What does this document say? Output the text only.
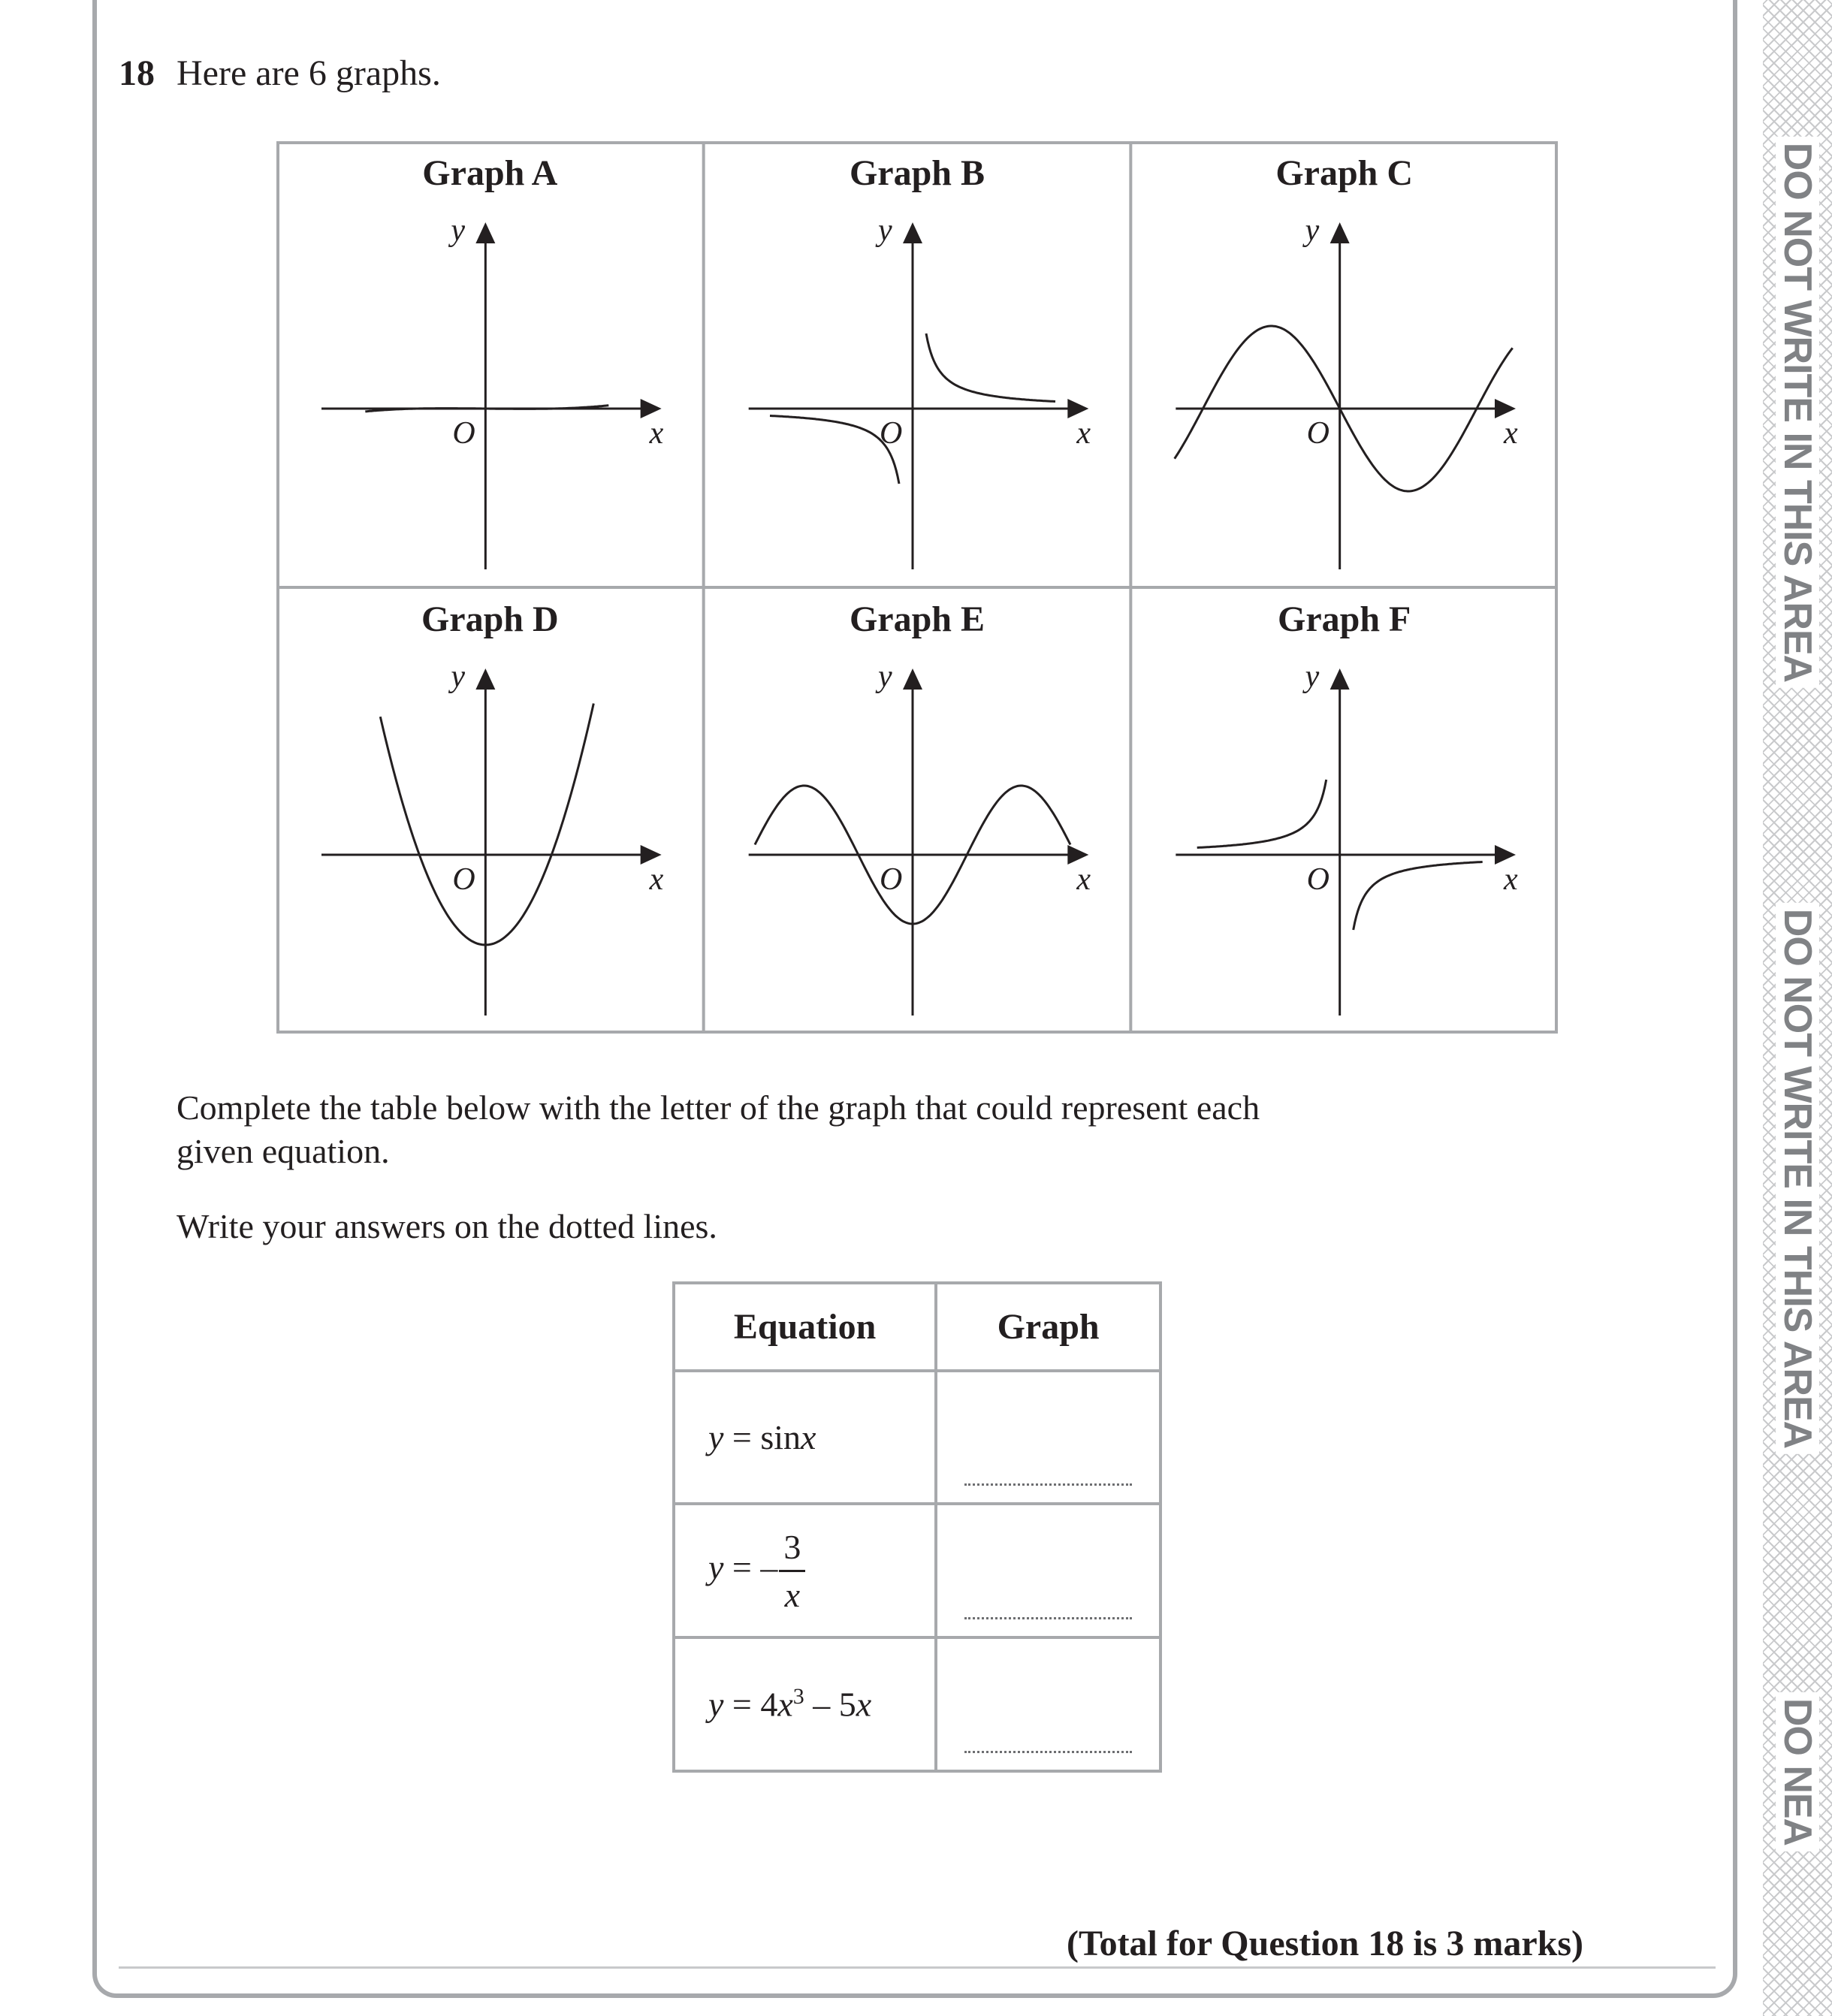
18 Here are 6 graphs.
Graph A
x
y
O
Graph B
x
y
O
Graph C
x
y
O
Graph D
x
y
O
Graph E
x
y
O
Graph F
x
y
O
Complete the table below with the letter of the graph that could represent each
given equation.
Write your answers on the dotted lines.
Equation	Graph
y = sinx	

y = – $\frac{3}{x}$

$y = 4x^3 - 5x$	
(Total for Question 18 is 3 marks)
DO NOT WRITE IN THIS AREA
DO NOT WRITE IN THIS AREA
DO NEA
